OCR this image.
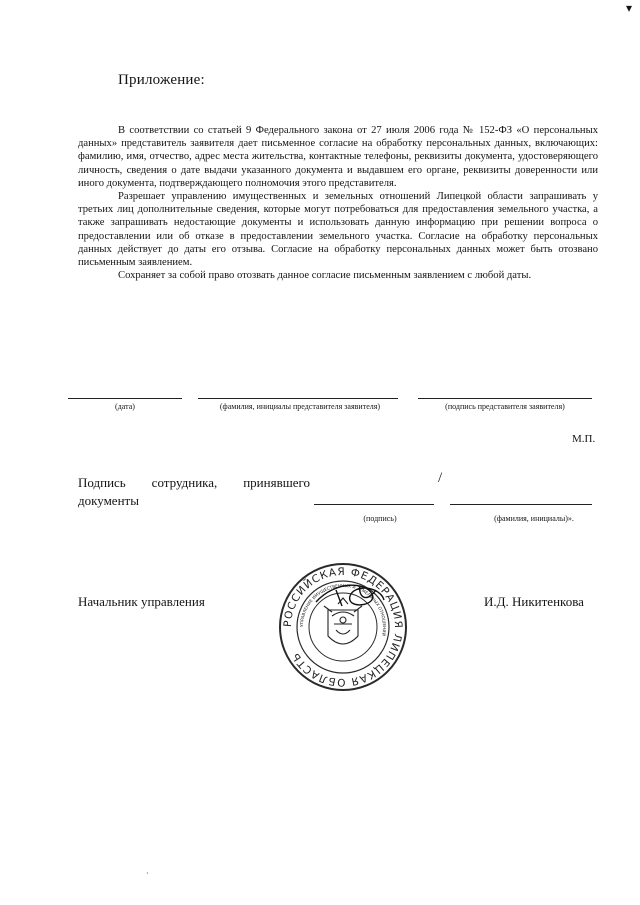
▾
Приложение:

В соответствии со статьей 9 Федерального закона от 27 июля 2006 года № 152-ФЗ «О персональных данных» представитель заявителя дает письменное согласие на обработку персональных данных, включающих: фамилию, имя, отчество, адрес места жительства, контактные телефоны, реквизиты документа, удостоверяющего личность, сведения о дате выдачи указанного документа и выдавшем его органе, реквизиты доверенности или иного документа, подтверждающего полномочия этого представителя.

Разрешает управлению имущественных и земельных отношений Липецкой области запрашивать у третьих лиц дополнительные сведения, которые могут потребоваться для предоставления земельного участка, а также запрашивать недостающие документы и использовать данную информацию при решении вопроса о предоставлении или об отказе в предоставлении земельного участка. Согласие на обработку персональных данных действует до даты его отзыва. Согласие на обработку персональных данных может быть отозвано письменным заявлением.

Сохраняет за собой право отозвать данное согласие письменным заявлением с любой даты.

(дата)	(фамилия, инициалы представителя заявителя)	(подпись представителя заявителя)
М.П.
Подпись сотрудника, принявшего документы
/
(подпись)	(фамилия, инициалы)».
Начальник управления	И.Д. Никитенкова
РОССИЙСКАЯ ФЕДЕРАЦИЯ ЛИПЕЦКАЯ ОБЛАСТЬ
УПРАВЛЕНИЕ ИМУЩЕСТВЕННЫХ И ЗЕМЕЛЬНЫХ ОТНОШЕНИЙ
·
